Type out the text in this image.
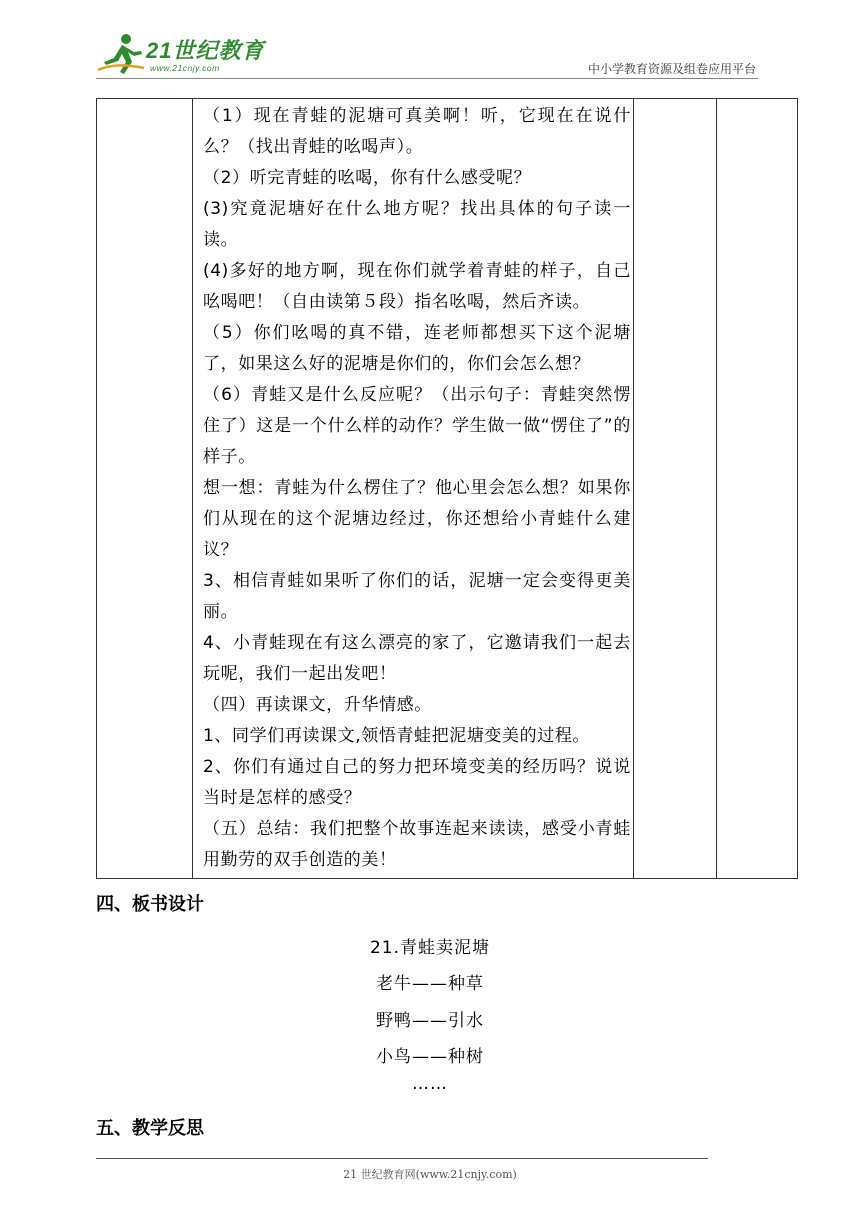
21世纪教育
www.21cnjy.com	中小学教育资源及组卷应用平台

（1）现在青蛙的泥塘可真美啊！听，它现在在说什么？（找出青蛙的吆喝声）。

（2）听完青蛙的吆喝，你有什么感受呢？

(3)究竟泥塘好在什么地方呢？找出具体的句子读一读。

(4)多好的地方啊，现在你们就学着青蛙的样子，自己吆喝吧！（自由读第５段）指名吆喝，然后齐读。

（5）你们吆喝的真不错，连老师都想买下这个泥塘了，如果这么好的泥塘是你们的，你们会怎么想？

（6）青蛙又是什么反应呢？（出示句子：青蛙突然愣住了）这是一个什么样的动作？学生做一做“愣住了”的样子。

想一想：青蛙为什么楞住了？他心里会怎么想？如果你们从现在的这个泥塘边经过，你还想给小青蛙什么建议？

3、相信青蛙如果听了你们的话，泥塘一定会变得更美丽。

4、小青蛙现在有这么漂亮的家了，它邀请我们一起去玩呢，我们一起出发吧！

（四）再读课文，升华情感。

1、同学们再读课文,领悟青蛙把泥塘变美的过程。

2、你们有通过自己的努力把环境变美的经历吗？说说当时是怎样的感受？

（五）总结：我们把整个故事连起来读读，感受小青蛙用勤劳的双手创造的美！

四、板书设计
21.青蛙卖泥塘
老牛——种草
野鸭——引水
小鸟——种树
……
五、教学反思
21 世纪教育网(www.21cnjy.com)
